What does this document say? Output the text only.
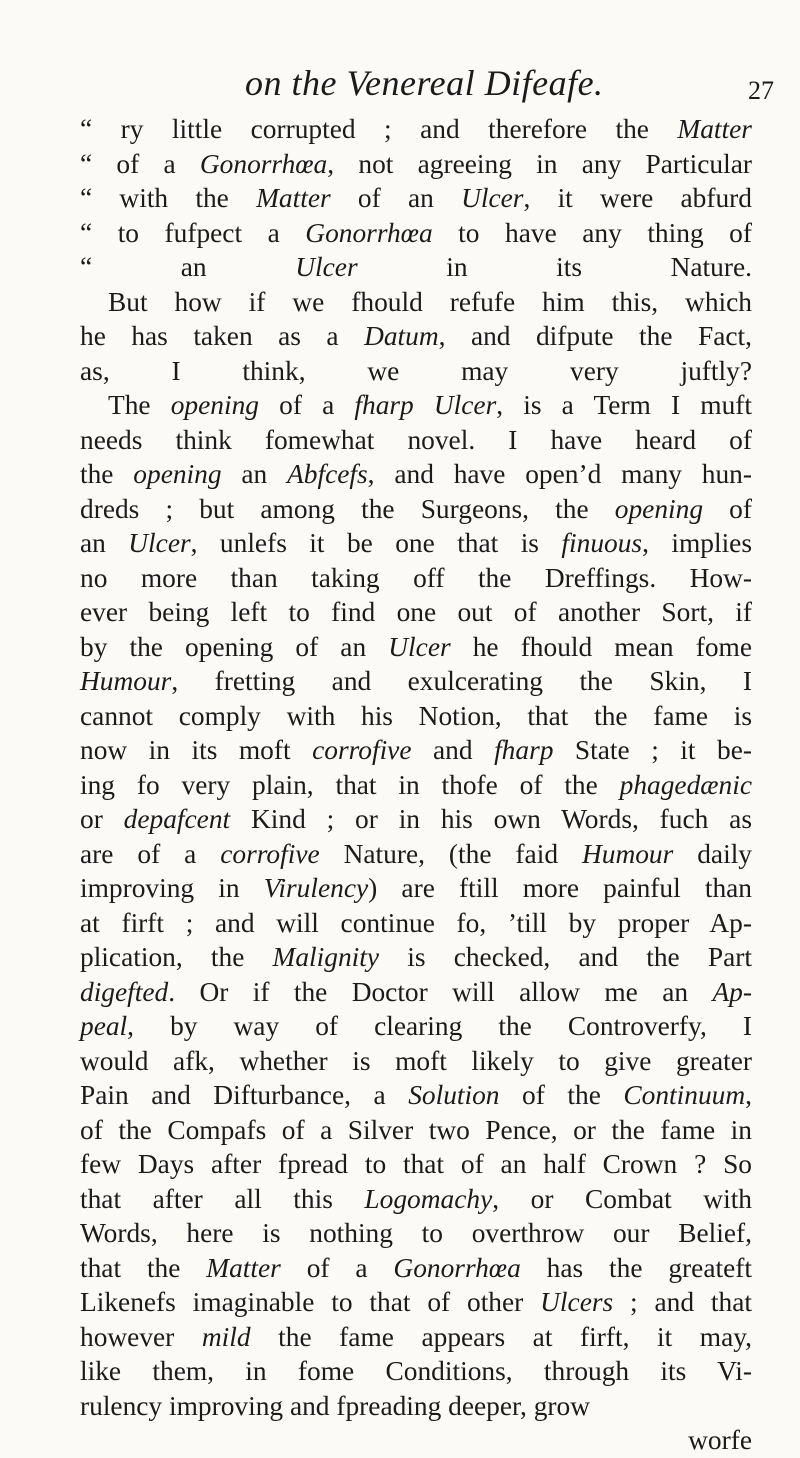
on the Venereal Difeafe.	27
“ ry little corrupted ; and therefore the Matter
“ of a Gonorrhœa, not agreeing in any Particular
“ with the Matter of an Ulcer, it were abfurd
“ to fufpect a Gonorrhœa to have any thing of
“ an Ulcer in its Nature.
But how if we fhould refufe him this, which
he has taken as a Datum, and difpute the Fact,
as, I think, we may very juftly?
The opening of a fharp Ulcer, is a Term I muft
needs think fomewhat novel. I have heard of
the opening an Abfcefs, and have open’d many hun-
dreds ; but among the Surgeons, the opening of
an Ulcer, unlefs it be one that is finuous, implies
no more than taking off the Dreffings. How-
ever being left to find one out of another Sort, if
by the opening of an Ulcer he fhould mean fome
Humour, fretting and exulcerating the Skin, I
cannot comply with his Notion, that the fame is
now in its moft corrofive and fharp State ; it be-
ing fo very plain, that in thofe of the phagedænic
or depafcent Kind ; or in his own Words, fuch as
are of a corrofive Nature, (the faid Humour daily
improving in Virulency) are ftill more painful than
at firft ; and will continue fo, ’till by proper Ap-
plication, the Malignity is checked, and the Part
digefted. Or if the Doctor will allow me an Ap-
peal, by way of clearing the Controverfy, I
would afk, whether is moft likely to give greater
Pain and Difturbance, a Solution of the Continuum,
of the Compafs of a Silver two Pence, or the fame in
few Days after fpread to that of an half Crown ? So
that after all this Logomachy, or Combat with
Words, here is nothing to overthrow our Belief,
that the Matter of a Gonorrhœa has the greateft
Likenefs imaginable to that of other Ulcers ; and that
however mild the fame appears at firft, it may,
like them, in fome Conditions, through its Vi-
rulency improving and fpreading deeper, grow
worfe
